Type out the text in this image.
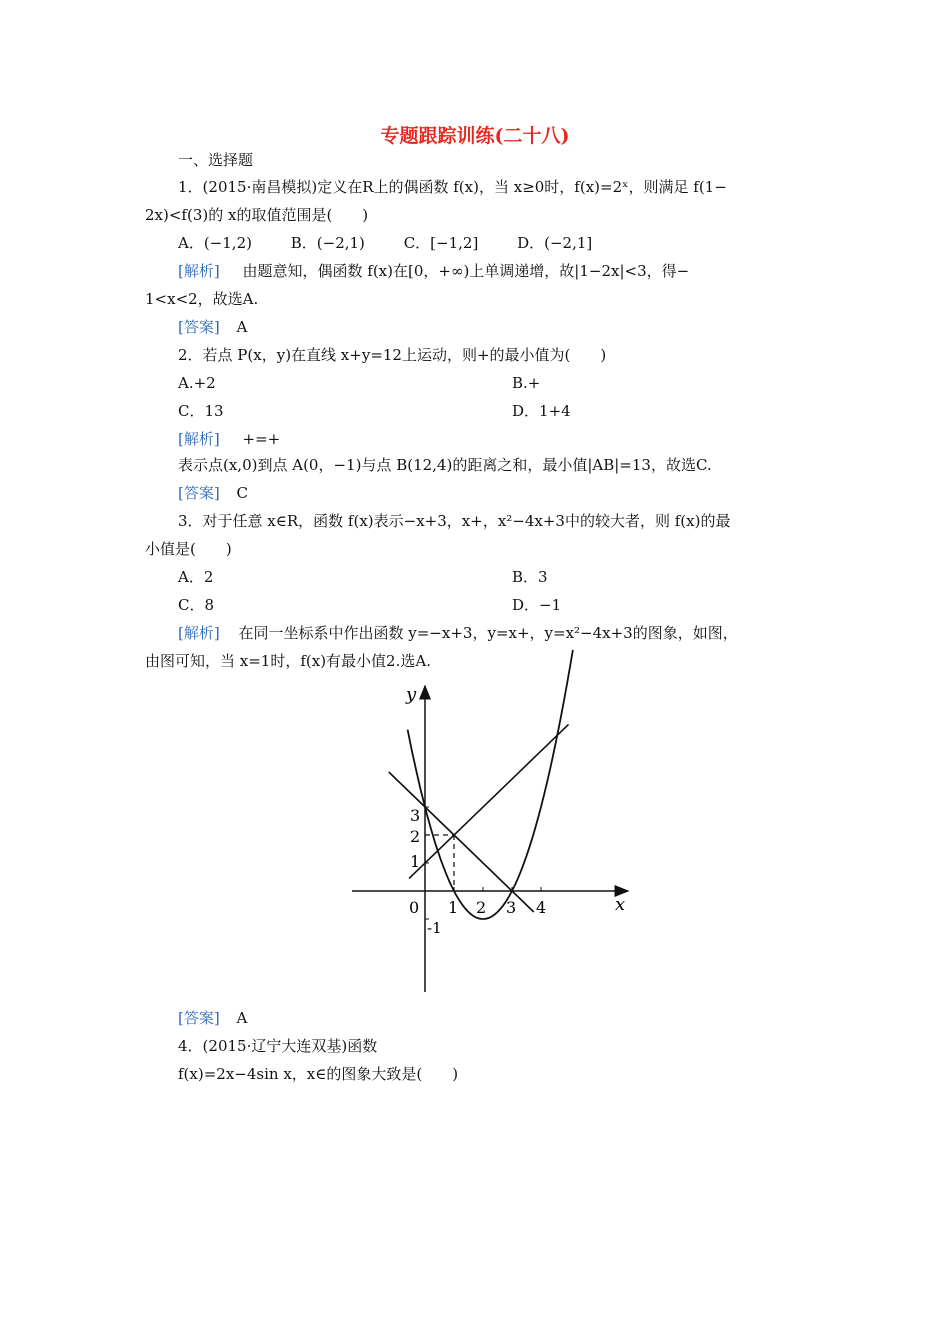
专题跟踪训练(二十八)
一、选择题
1．(2015·南昌模拟)定义在R上的偶函数 f(x)，当 x≥0时，f(x)=2ˣ，则满足 f(1−
2x)<f(3)的 x的取值范围是(　　)
A．(−1,2)	B．(−2,1)	C．[−1,2]	D．(−2,1]
[解析] 由题意知，偶函数 f(x)在[0，+∞)上单调递增，故|1−2x|<3，得−
1<x<2，故选A.
[答案] A
2．若点 P(x，y)在直线 x+y=12上运动，则+的最小值为(　　)
A.+2	B.+
C．13	D．1+4
[解析] +=+
表示点(x,0)到点 A(0，−1)与点 B(12,4)的距离之和，最小值|AB|=13，故选C.
[答案] C
3．对于任意 x∈R，函数 f(x)表示−x+3，x+，x²−4x+3中的较大者，则 f(x)的最
小值是(　　)
A．2	B．3
C．8	D．−1
[解析] 在同一坐标系中作出函数 y=−x+3，y=x+，y=x²−4x+3的图象，如图，
由图可知，当 x=1时，f(x)有最小值2.选A.
y
x
0 1 2 3 4
3
2
1
-1
[答案] A
4．(2015·辽宁大连双基)函数
f(x)=2x−4sin x，x∈的图象大致是(　　)
